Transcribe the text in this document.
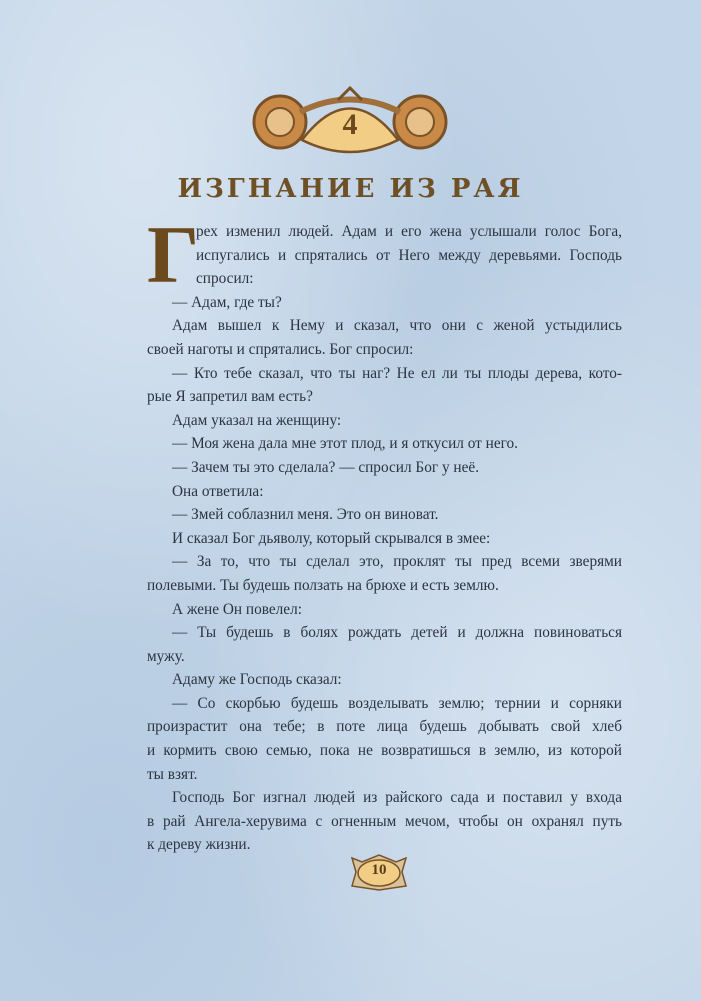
4
ИЗГНАНИЕ ИЗ РАЯ
Г
рех изменил людей. Адам и его жена услышали голос Бога,
испугались и спрятались от Него между деревьями. Господь
спросил:
— Адам, где ты?
Адам вышел к Нему и сказал, что они с женой устыдились
своей наготы и спрятались. Бог спросил:
— Кто тебе сказал, что ты наг? Не ел ли ты плоды дерева, кото-
рые Я запретил вам есть?
Адам указал на женщину:
— Моя жена дала мне этот плод, и я откусил от него.
— Зачем ты это сделала? — спросил Бог у неё.
Она ответила:
— Змей соблазнил меня. Это он виноват.
И сказал Бог дьяволу, который скрывался в змее:
— За то, что ты сделал это, проклят ты пред всеми зверями
полевыми. Ты будешь ползать на брюхе и есть землю.
А жене Он повелел:
— Ты будешь в болях рождать детей и должна повиноваться
мужу.
Адаму же Господь сказал:
— Со скорбью будешь возделывать землю; тернии и сорняки
произрастит она тебе; в поте лица будешь добывать свой хлеб
и кормить свою семью, пока не возвратишься в землю, из которой
ты взят.
Господь Бог изгнал людей из райского сада и поставил у входа
в рай Ангела-херувима с огненным мечом, чтобы он охранял путь
к дереву жизни.
10
